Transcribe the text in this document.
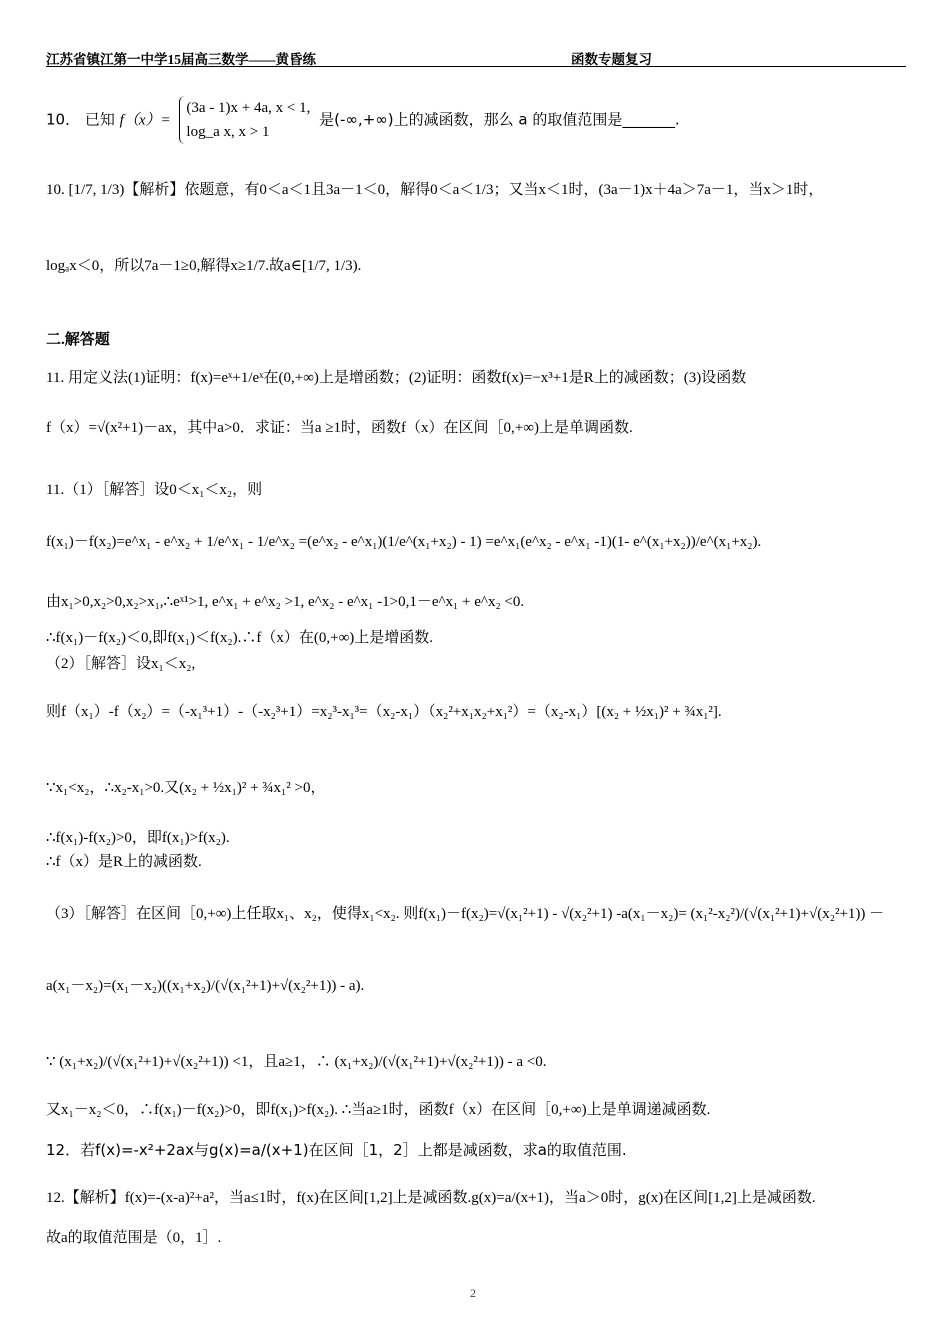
江苏省镇江第一中学15届高三数学——黄昏练	函数专题复习
10． 已知 f（x）=
(3a - 1)x + 4a, x < 1,
log_a x, x > 1
是(-∞,+∞)上的减函数，那么 a 的取值范围是_______.
10. [1/7, 1/3)【解析】依题意，有0＜a＜1且3a－1＜0，解得0＜a＜1/3；又当x＜1时，(3a－1)x＋4a＞7a－1，当x＞1时，
logₐx＜0，所以7a－1≥0,解得x≥1/7.故a∈[1/7, 1/3).
二.解答题
11. 用定义法(1)证明：f(x)=eˣ+1/eˣ在(0,+∞)上是增函数；(2)证明：函数f(x)=−x³+1是R上的减函数；(3)设函数
f（x）=√(x²+1)－ax，其中a>0．求证：当a ≥1时，函数f（x）在区间［0,+∞)上是单调函数.
11.（1）［解答］设0＜x₁＜x₂，则
f(x₁)－f(x₂)=e^x₁ - e^x₂ + 1/e^x₁ - 1/e^x₂ =(e^x₂ - e^x₁)(1/e^(x₁+x₂) - 1) =e^x₁(e^x₂ - e^x₁ -1)(1- e^(x₁+x₂))/e^(x₁+x₂).
由x₁>0,x₂>0,x₂>x₁,∴eˣ¹>1, e^x₁ + e^x₂ >1, e^x₂ - e^x₁ -1>0,1－e^x₁ + e^x₂ <0.
∴f(x₁)－f(x₂)＜0,即f(x₁)＜f(x₂).∴f（x）在(0,+∞)上是增函数.
（2）［解答］设x₁＜x₂,
则f（x₁）-f（x₂）=（-x₁³+1）-（-x₂³+1）=x₂³-x₁³=（x₂-x₁）（x₂²+x₁x₂+x₁²）=（x₂-x₁）[(x₂ + ½x₁)² + ¾x₁²].
∵x₁<x₂，∴x₂-x₁>0.又(x₂ + ½x₁)² + ¾x₁² >0，
∴f(x₁)-f(x₂)>0，即f(x₁)>f(x₂).
∴f（x）是R上的减函数.
（3）［解答］在区间［0,+∞)上任取x₁、x₂，使得x₁<x₂. 则f(x₁)－f(x₂)=√(x₁²+1) - √(x₂²+1) -a(x₁－x₂)= (x₁²-x₂²)/(√(x₁²+1)+√(x₂²+1)) －
a(x₁－x₂)=(x₁－x₂)((x₁+x₂)/(√(x₁²+1)+√(x₂²+1)) - a).
∵ (x₁+x₂)/(√(x₁²+1)+√(x₂²+1)) <1，且a≥1，∴ (x₁+x₂)/(√(x₁²+1)+√(x₂²+1)) - a <0.
又x₁－x₂＜0，∴f(x₁)－f(x₂)>0，即f(x₁)>f(x₂). ∴当a≥1时，函数f（x）在区间［0,+∞)上是单调递减函数.
12．若f(x)=-x²+2ax与g(x)=a/(x+1)在区间［1，2］上都是减函数，求a的取值范围.
12.【解析】f(x)=-(x-a)²+a²，当a≤1时，f(x)在区间[1,2]上是减函数.g(x)=a/(x+1)，当a＞0时，g(x)在区间[1,2]上是减函数.
故a的取值范围是（0，1］.
2
